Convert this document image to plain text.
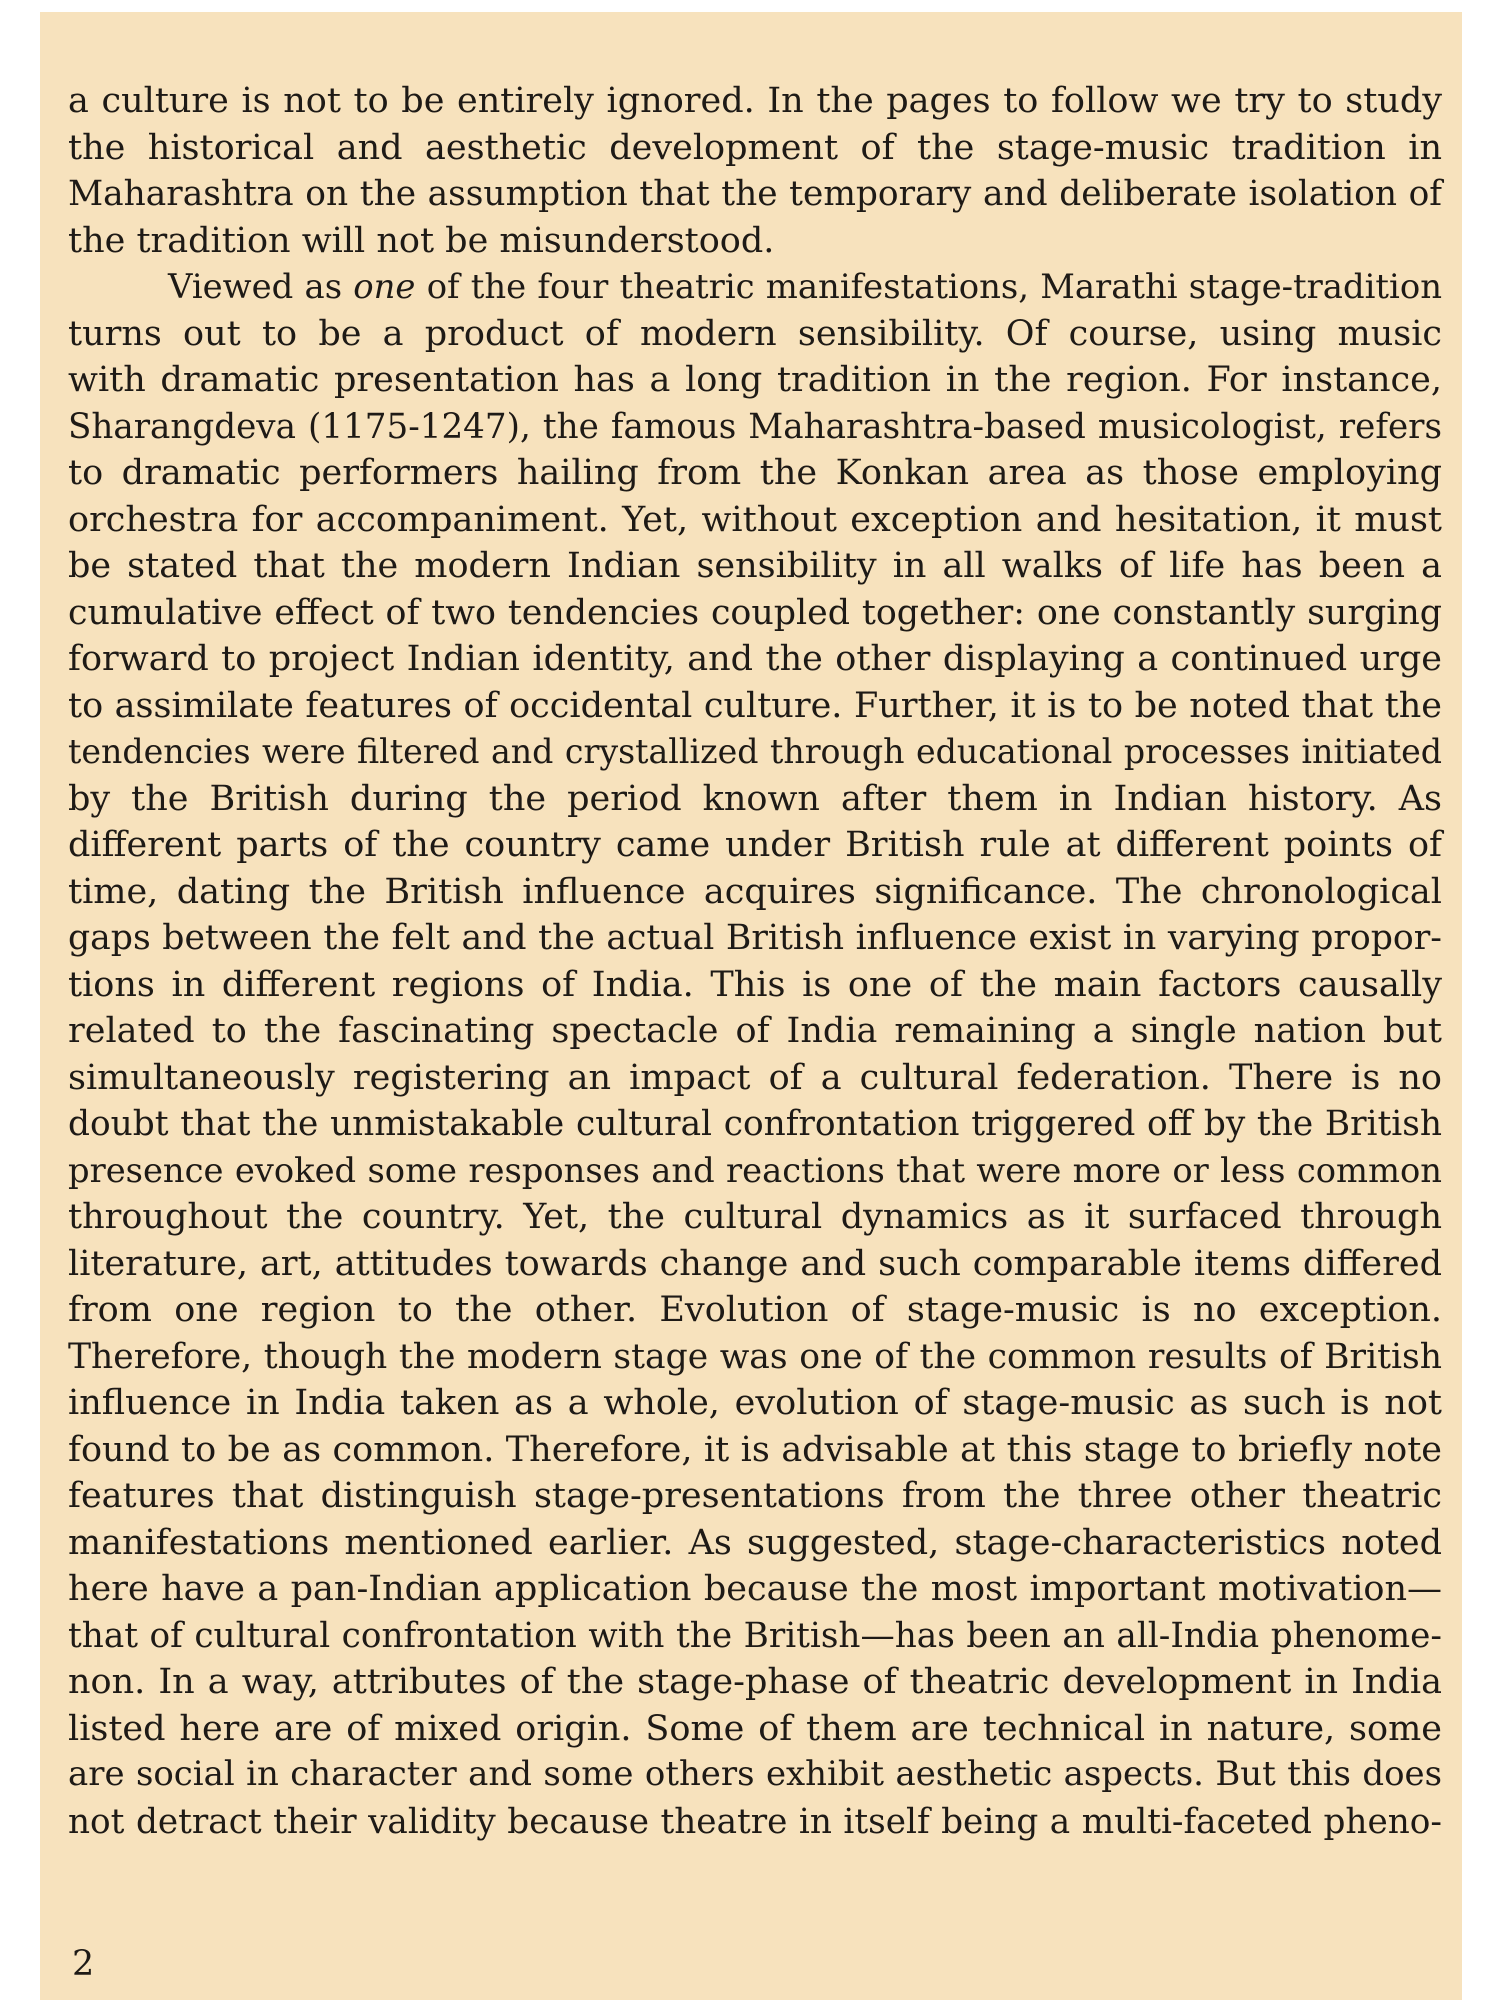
a culture is not to be entirely ignored. In the pages to follow we try to study
the historical and aesthetic development of the stage-music tradition in
Maharashtra on the assumption that the temporary and deliberate isolation of
the tradition will not be misunderstood.
Viewed as one of the four theatric manifestations, Marathi stage-tradition
turns out to be a product of modern sensibility. Of course, using music
with dramatic presentation has a long tradition in the region. For instance,
Sharangdeva (1175-1247), the famous Maharashtra-based musicologist, refers
to dramatic performers hailing from the Konkan area as those employing
orchestra for accompaniment. Yet, without exception and hesitation, it must
be stated that the modern Indian sensibility in all walks of life has been a
cumulative effect of two tendencies coupled together: one constantly surging
forward to project Indian identity, and the other displaying a continued urge
to assimilate features of occidental culture. Further, it is to be noted that the
tendencies were filtered and crystallized through educational processes initiated
by the British during the period known after them in Indian history. As
different parts of the country came under British rule at different points of
time, dating the British influence acquires significance. The chronological
gaps between the felt and the actual British influence exist in varying propor-
tions in different regions of India. This is one of the main factors causally
related to the fascinating spectacle of India remaining a single nation but
simultaneously registering an impact of a cultural federation. There is no
doubt that the unmistakable cultural confrontation triggered off by the British
presence evoked some responses and reactions that were more or less common
throughout the country. Yet, the cultural dynamics as it surfaced through
literature, art, attitudes towards change and such comparable items differed
from one region to the other. Evolution of stage-music is no exception.
Therefore, though the modern stage was one of the common results of British
influence in India taken as a whole, evolution of stage-music as such is not
found to be as common. Therefore, it is advisable at this stage to briefly note
features that distinguish stage-presentations from the three other theatric
manifestations mentioned earlier. As suggested, stage-characteristics noted
here have a pan-Indian application because the most important motivation—
that of cultural confrontation with the British—has been an all-India phenome-
non. In a way, attributes of the stage-phase of theatric development in India
listed here are of mixed origin. Some of them are technical in nature, some
are social in character and some others exhibit aesthetic aspects. But this does
not detract their validity because theatre in itself being a multi-faceted pheno-
2
